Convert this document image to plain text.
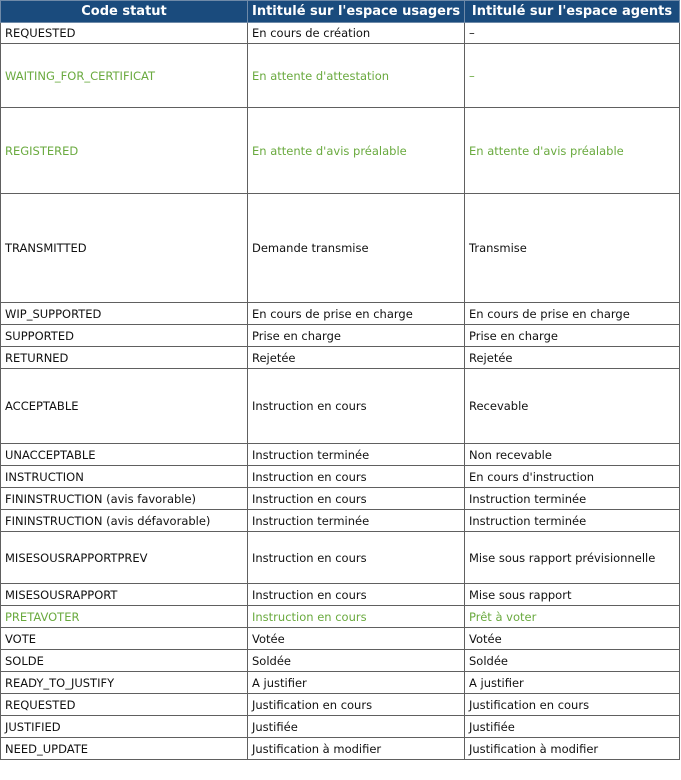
Code statut	Intitulé sur l'espace usagers	Intitulé sur l'espace agents
REQUESTED	En cours de création	–
WAITING_FOR_CERTIFICAT	En attente d'attestation	–
REGISTERED	En attente d'avis préalable	En attente d'avis préalable
TRANSMITTED	Demande transmise	Transmise
WIP_SUPPORTED	En cours de prise en charge	En cours de prise en charge
SUPPORTED	Prise en charge	Prise en charge
RETURNED	Rejetée	Rejetée
ACCEPTABLE	Instruction en cours	Recevable
UNACCEPTABLE	Instruction terminée	Non recevable
INSTRUCTION	Instruction en cours	En cours d'instruction
FININSTRUCTION (avis favorable)	Instruction en cours	Instruction terminée
FININSTRUCTION (avis défavorable)	Instruction terminée	Instruction terminée
MISESOUSRAPPORTPREV	Instruction en cours	Mise sous rapport prévisionnelle
MISESOUSRAPPORT	Instruction en cours	Mise sous rapport
PRETAVOTER	Instruction en cours	Prêt à voter
VOTE	Votée	Votée
SOLDE	Soldée	Soldée
READY_TO_JUSTIFY	A justifier	A justifier
REQUESTED	Justification en cours	Justification en cours
JUSTIFIED	Justifiée	Justifiée
NEED_UPDATE	Justification à modifier	Justification à modifier
